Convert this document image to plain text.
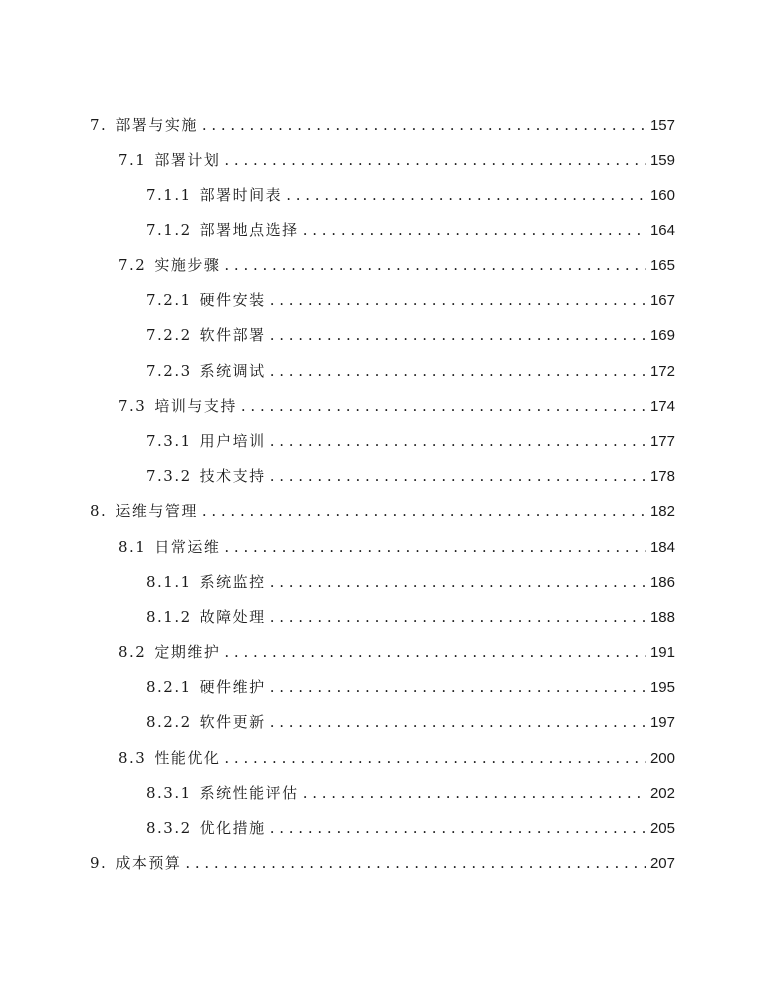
7. 部署与实施 . . .	157
7.1 部署计划 . . .	159
7.1.1 部署时间表 . . .	160
7.1.2 部署地点选择 . . .	164
7.2 实施步骤 . . .	165
7.2.1 硬件安装 . . .	167
7.2.2 软件部署 . . .	169
7.2.3 系统调试 . . .	172
7.3 培训与支持 . . .	174
7.3.1 用户培训 . . .	177
7.3.2 技术支持 . . .	178
8. 运维与管理 . . .	182
8.1 日常运维 . . .	184
8.1.1 系统监控 . . .	186
8.1.2 故障处理 . . .	188
8.2 定期维护 . . .	191
8.2.1 硬件维护 . . .	195
8.2.2 软件更新 . . .	197
8.3 性能优化 . . .	200
8.3.1 系统性能评估 . . .	202
8.3.2 优化措施 . . .	205
9. 成本预算 . . .	207
